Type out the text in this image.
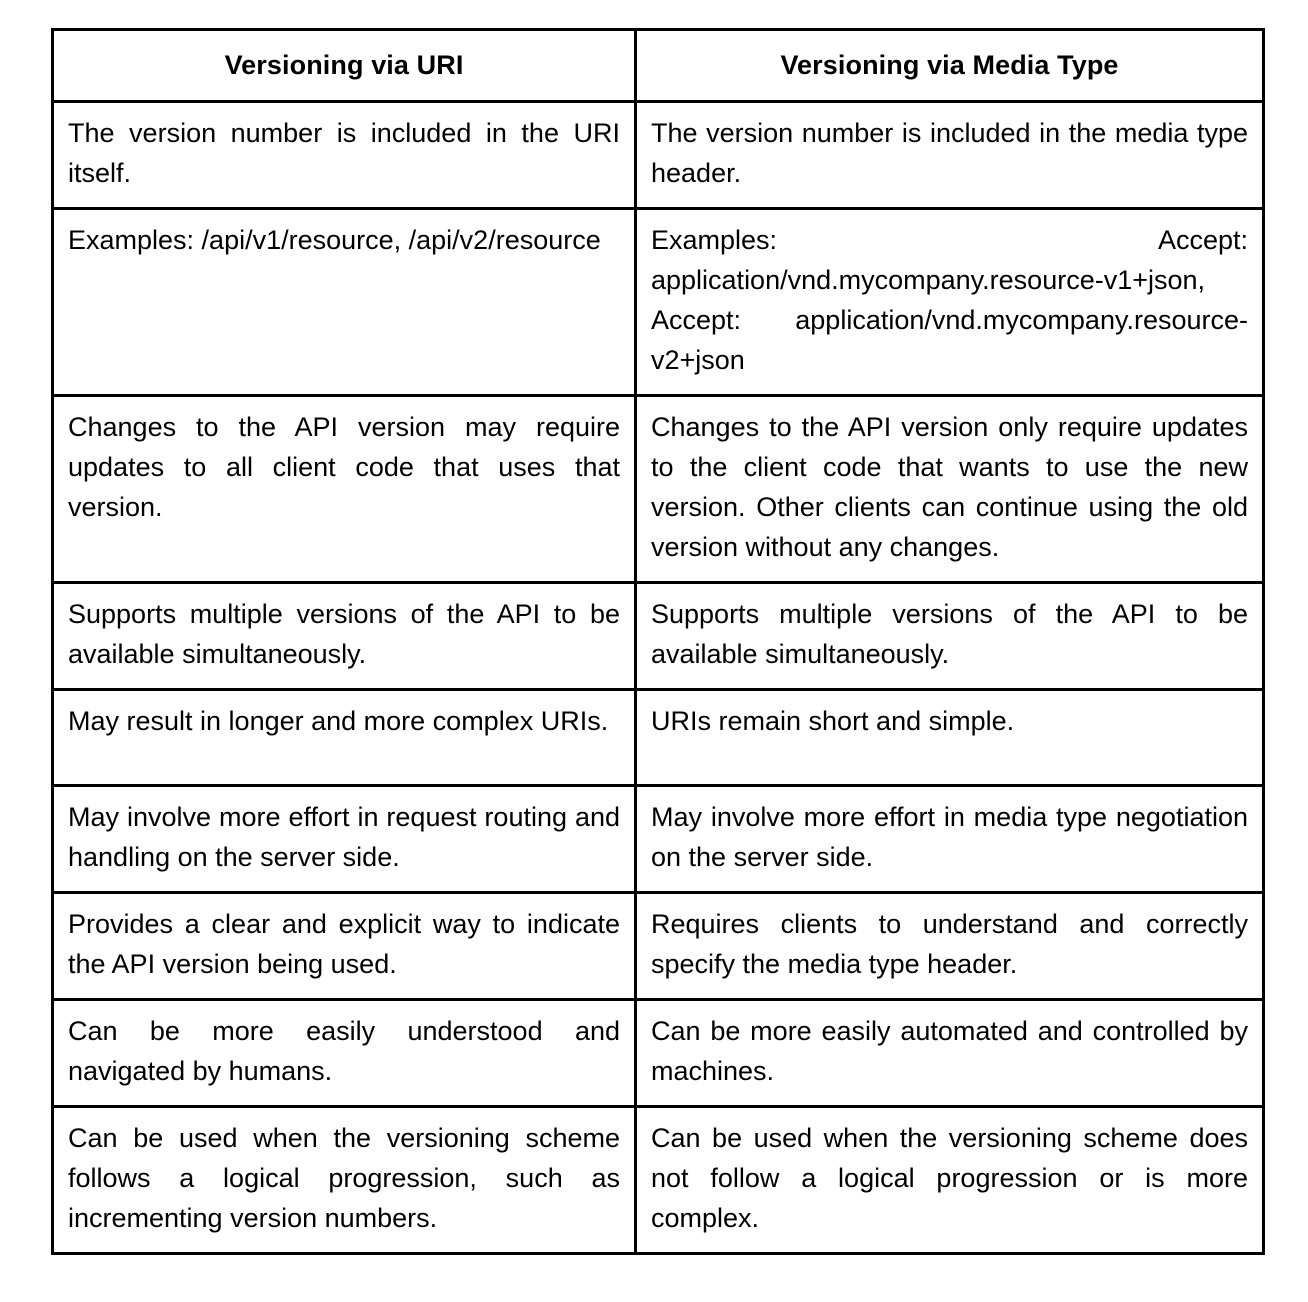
Versioning via URI	Versioning via Media Type

The version number is included in the URI itself.	The version number is included in the media type header.

Examples: /api/v1/resource, /api/v2/resource	Examples: Accept: application/vnd.mycompany.resource-v1+json, Accept: application/vnd.mycompany.resource-v2+json

Changes to the API version may require updates to all client code that uses that version.	Changes to the API version only require updates to the client code that wants to use the new version. Other clients can continue using the old version without any changes.

Supports multiple versions of the API to be available simultaneously.	Supports multiple versions of the API to be available simultaneously.

May result in longer and more complex URIs.	URIs remain short and simple.

May involve more effort in request routing and handling on the server side.	May involve more effort in media type negotiation on the server side.

Provides a clear and explicit way to indicate the API version being used.	Requires clients to understand and correctly specify the media type header.

Can be more easily understood and navigated by humans.	Can be more easily automated and controlled by machines.

Can be used when the versioning scheme follows a logical progression, such as incrementing version numbers.	Can be used when the versioning scheme does not follow a logical progression or is more complex.
